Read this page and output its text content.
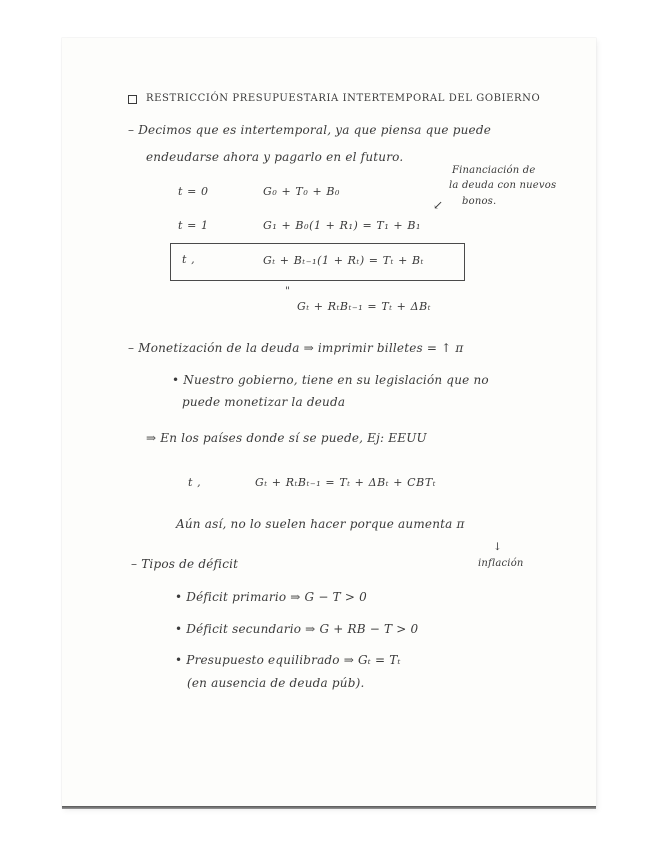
RESTRICCIÓN PRESUPUESTARIA INTERTEMPORAL DEL GOBIERNO
– Decimos que es intertemporal, ya que piensa que puede
endeudarse ahora y pagarlo en el futuro.
Financiación de
la deuda con nuevos
bonos.
↙
t = 0	G₀ + T₀ + B₀
t = 1	G₁ + B₀(1 + R₁) = T₁ + B₁
t ,	Gₜ + Bₜ₋₁(1 + Rₜ) = Tₜ + Bₜ
"
Gₜ + RₜBₜ₋₁ = Tₜ + ΔBₜ
– Monetización de la deuda ⇒ imprimir billetes = ↑ π
• Nuestro gobierno, tiene en su legislación que no
puede monetizar la deuda
⇒ En los países donde sí se puede, Ej: EEUU
t ,	Gₜ + RₜBₜ₋₁ = Tₜ + ΔBₜ + CBTₜ
Aún así, no lo suelen hacer porque aumenta π
↓
inflación
– Tipos de déficit
• Déficit primario ⇒ G − T > 0
• Déficit secundario ⇒ G + RB − T > 0
• Presupuesto equilibrado ⇒ Gₜ = Tₜ
(en ausencia de deuda púb).
